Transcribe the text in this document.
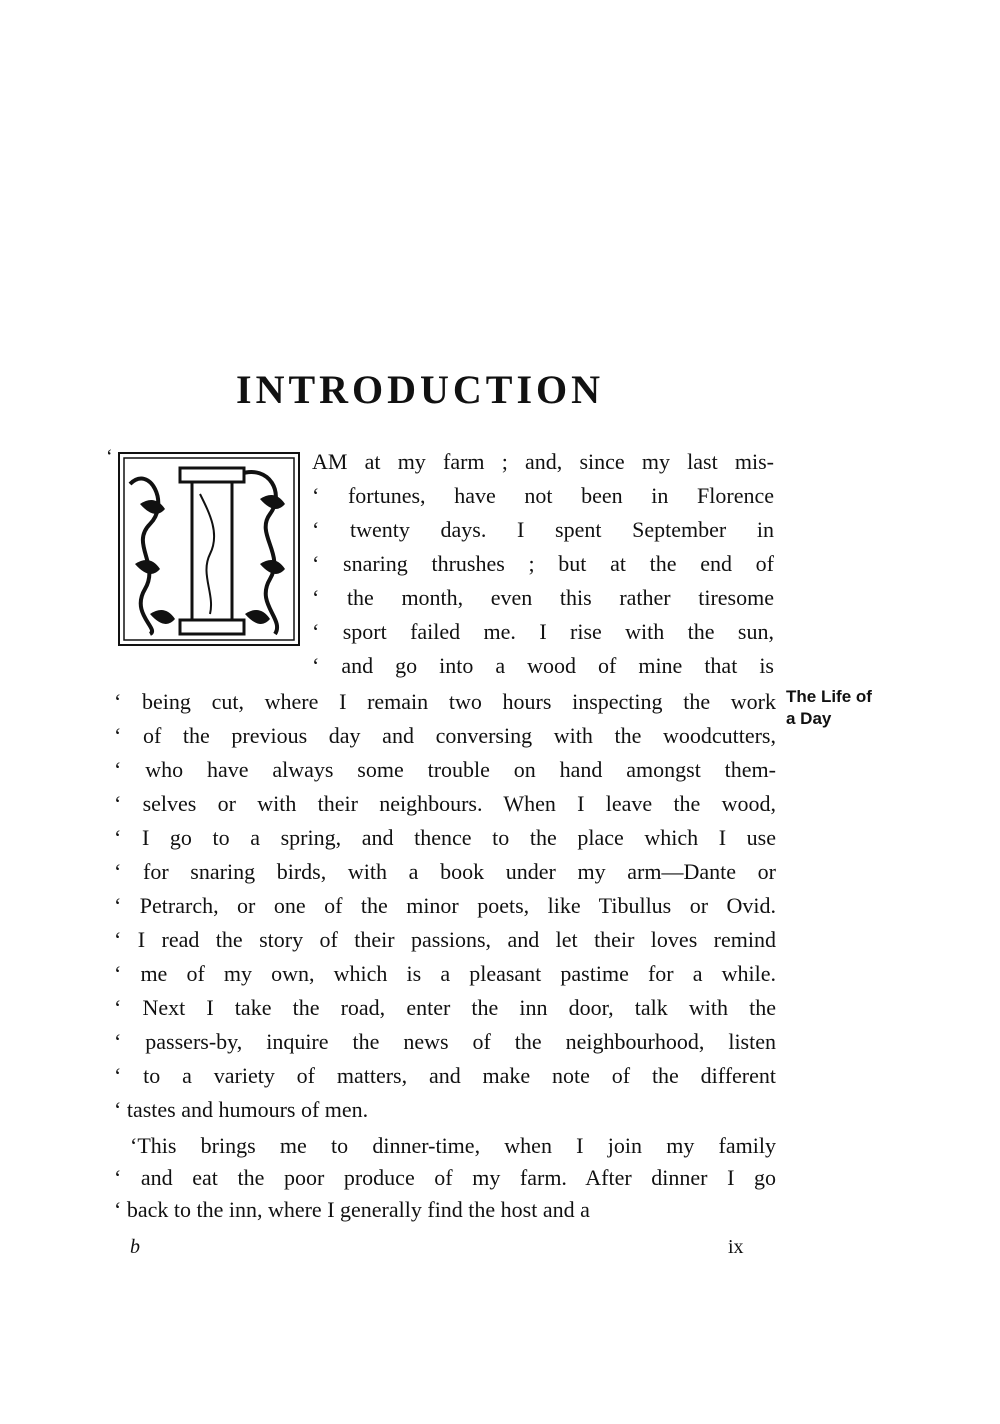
INTRODUCTION
‘	AM at my farm ; and, since my last mis-
‘ fortunes, have not been in Florence
‘ twenty days. I spent September in
‘ snaring thrushes ; but at the end of
‘ the month, even this rather tiresome
‘ sport failed me. I rise with the sun,
‘ and go into a wood of mine that is
‘ being cut, where I remain two hours inspecting the work
‘ of the previous day and conversing with the woodcutters,
‘ who have always some trouble on hand amongst them-
‘ selves or with their neighbours. When I leave the wood,
‘ I go to a spring, and thence to the place which I use
‘ for snaring birds, with a book under my arm—Dante or
‘ Petrarch, or one of the minor poets, like Tibullus or Ovid.
‘ I read the story of their passions, and let their loves remind
‘ me of my own, which is a pleasant pastime for a while.
‘ Next I take the road, enter the inn door, talk with the
‘ passers-by, inquire the news of the neighbourhood, listen
‘ to a variety of matters, and make note of the different
‘ tastes and humours of men.
‘This brings me to dinner-time, when I join my family
‘ and eat the poor produce of my farm. After dinner I go
‘ back to the inn, where I generally find the host and a
The Life of
a Day
b	ix
